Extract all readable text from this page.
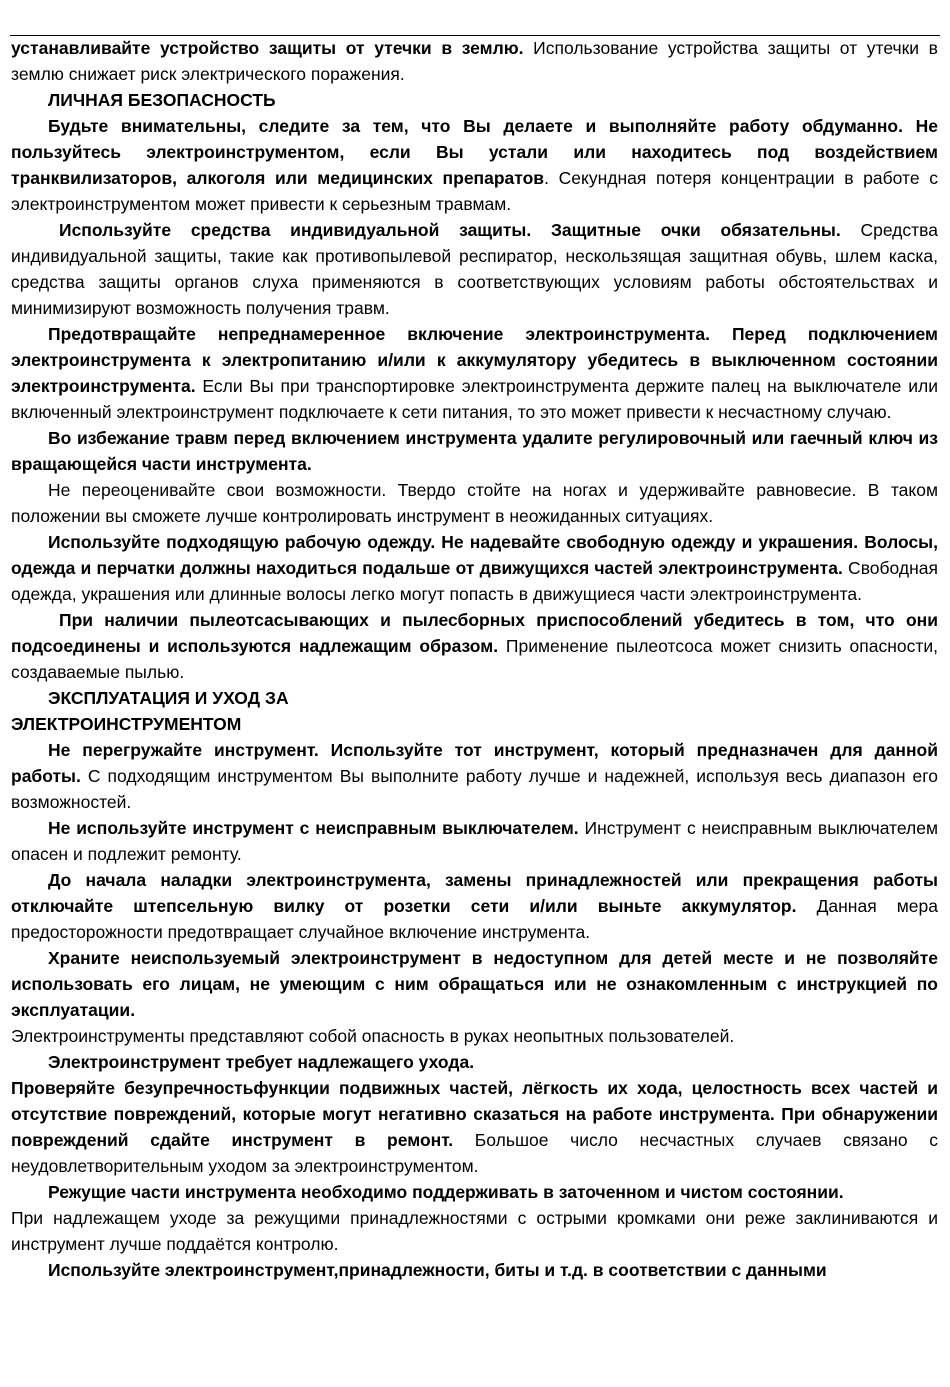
устанавливайте устройство защиты от утечки в землю. Использование устройства защиты от утечки в землю снижает риск электрического поражения.

ЛИЧНАЯ БЕЗОПАСНОСТЬ

Будьте внимательны, следите за тем, что Вы делаете и выполняйте работу обдуманно. Не пользуйтесь электроинструментом, если Вы устали или находитесь под воздействием транквилизаторов, алкоголя или медицинских препаратов. Секундная потеря концентрации в работе с электроинструментом может привести к серьезным травмам.

Используйте средства индивидуальной защиты. Защитные очки обязательны. Средства индивидуальной защиты, такие как противопылевой респиратор, нескользящая защитная обувь, шлем каска, средства защиты органов слуха применяются в соответствующих условиям работы обстоятельствах и минимизируют возможность получения травм.

Предотвращайте непреднамеренное включение электроинструмента. Перед подключением электроинструмента к электропитанию и/или к аккумулятору убедитесь в выключенном состоянии электроинструмента. Если Вы при транспортировке электроинструмента держите палец на выключателе или включенный электроинструмент подключаете к сети питания, то это может привести к несчастному случаю.

Во избежание травм перед включением инструмента удалите регулировочный или гаечный ключ из вращающейся части инструмента.

Не переоценивайте свои возможности. Твердо стойте на ногах и удерживайте равновесие. В таком положении вы сможете лучше контролировать инструмент в неожиданных ситуациях.

Используйте подходящую рабочую одежду. Не надевайте свободную одежду и украшения. Волосы, одежда и перчатки должны находиться подальше от движущихся частей электроинструмента. Свободная одежда, украшения или длинные волосы легко могут попасть в движущиеся части электроинструмента.

При наличии пылеотсасывающих и пылесборных приспособлений убедитесь в том, что они подсоединены и используются надлежащим образом. Применение пылеотсоса может снизить опасности, создаваемые пылью.

ЭКСПЛУАТАЦИЯ И УХОД ЗА

ЭЛЕКТРОИНСТРУМЕНТОМ

Не перегружайте инструмент. Используйте тот инструмент, который предназначен для данной работы. С подходящим инструментом Вы выполните работу лучше и надежней, используя весь диапазон его возможностей.

Не используйте инструмент с неисправным выключателем. Инструмент с неисправным выключателем опасен и подлежит ремонту.

До начала наладки электроинструмента, замены принадлежностей или прекращения работы отключайте штепсельную вилку от розетки сети и/или выньте аккумулятор. Данная мера предосторожности предотвращает случайное включение инструмента.

Храните неиспользуемый электроинструмент в недоступном для детей месте и не позволяйте использовать его лицам, не умеющим с ним обращаться или не ознакомленным с инструкцией по эксплуатации.

Электроинструменты представляют собой опасность в руках неопытных пользователей.

Электроинструмент требует надлежащего ухода.

Проверяйте безупречностьфункции подвижных частей, лёгкость их хода, целостность всех частей и отсутствие повреждений, которые могут негативно сказаться на работе инструмента. При обнаружении повреждений сдайте инструмент в ремонт. Большое число несчастных случаев связано с неудовлетворительным уходом за электроинструментом.

Режущие части инструмента необходимо поддерживать в заточенном и чистом состоянии.

При надлежащем уходе за режущими принадлежностями с острыми кромками они реже заклиниваются и инструмент лучше поддаётся контролю.

Используйте электроинструмент,принадлежности, биты и т.д. в соответствии с данными
